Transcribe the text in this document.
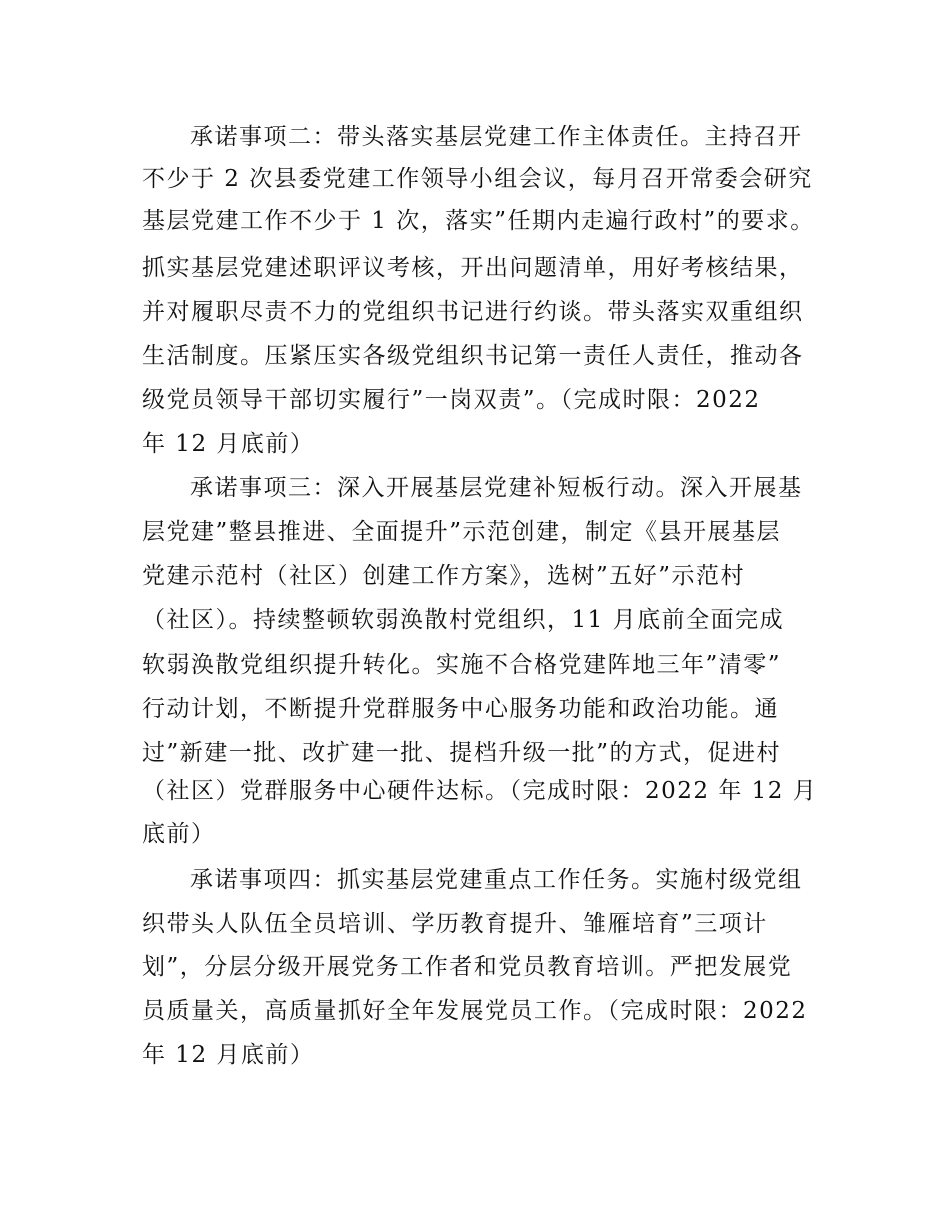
承诺事项二：带头落实基层党建工作主体责任。主持召开

不少于 2 次县委党建工作领导小组会议，每月召开常委会研究

基层党建工作不少于 1 次，落实”任期内走遍行政村”的要求。

抓实基层党建述职评议考核，开出问题清单，用好考核结果，

并对履职尽责不力的党组织书记进行约谈。带头落实双重组织

生活制度。压紧压实各级党组织书记第一责任人责任，推动各

级党员领导干部切实履行”一岗双责”。（完成时限：2022

年 12 月底前）

承诺事项三：深入开展基层党建补短板行动。深入开展基

层党建”整县推进、全面提升”示范创建，制定《县开展基层

党建示范村（社区）创建工作方案》，选树”五好”示范村

（社区）。持续整顿软弱涣散村党组织，11 月底前全面完成

软弱涣散党组织提升转化。实施不合格党建阵地三年”清零”

行动计划，不断提升党群服务中心服务功能和政治功能。通

过”新建一批、改扩建一批、提档升级一批”的方式，促进村

（社区）党群服务中心硬件达标。（完成时限：2022 年 12 月

底前）

承诺事项四：抓实基层党建重点工作任务。实施村级党组

织带头人队伍全员培训、学历教育提升、雏雁培育”三项计

划”，分层分级开展党务工作者和党员教育培训。严把发展党

员质量关，高质量抓好全年发展党员工作。（完成时限：2022

年 12 月底前）
